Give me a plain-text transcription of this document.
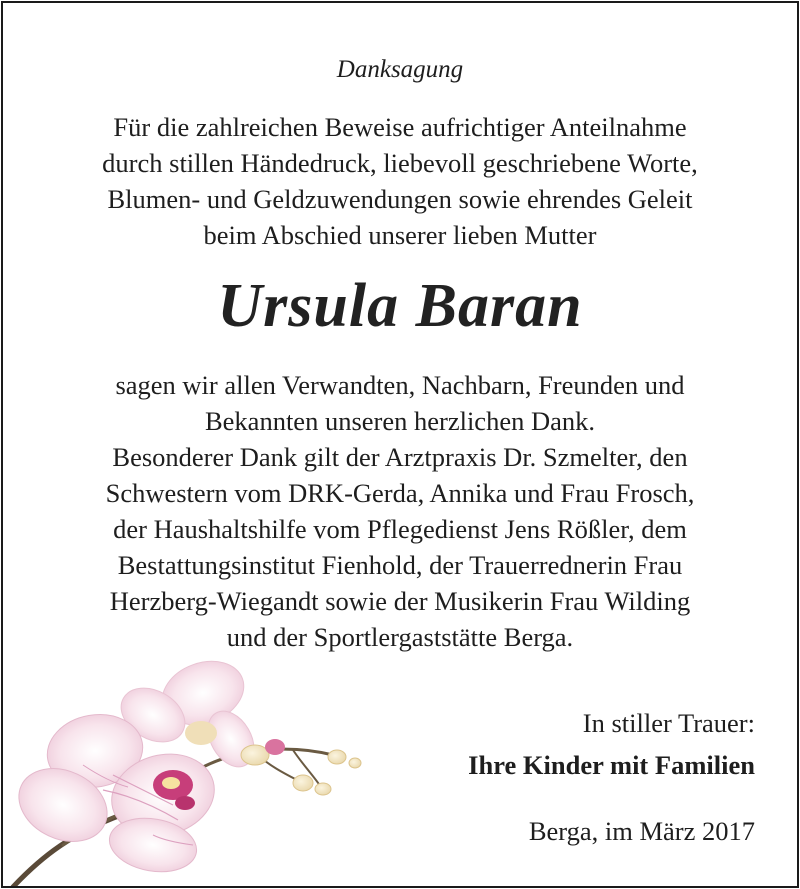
Danksagung
Für die zahlreichen Beweise aufrichtiger Anteilnahme
durch stillen Händedruck, liebevoll geschriebene Worte,
Blumen- und Geldzuwendungen sowie ehrendes Geleit
beim Abschied unserer lieben Mutter
Ursula Baran
sagen wir allen Verwandten, Nachbarn, Freunden und
Bekannten unseren herzlichen Dank.
Besonderer Dank gilt der Arztpraxis Dr. Szmelter, den
Schwestern vom DRK-Gerda, Annika und Frau Frosch,
der Haushaltshilfe vom Pflegedienst Jens Rößler, dem
Bestattungsinstitut Fienhold, der Trauerrednerin Frau
Herzberg-Wiegandt sowie der Musikerin Frau Wilding
und der Sportlergaststätte Berga.
In stiller Trauer:
Ihre Kinder mit Familien
Berga, im März 2017
